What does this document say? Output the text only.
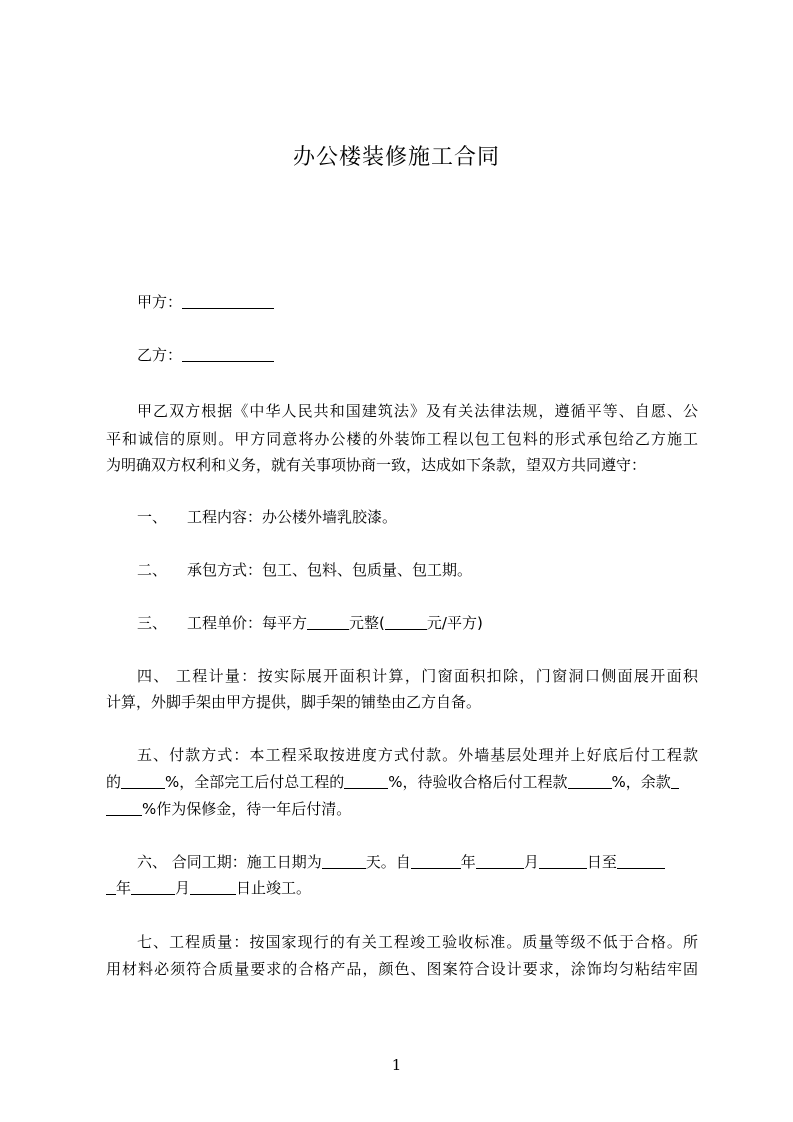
办公楼装修施工合同
甲方：
乙方：
甲乙双方根据《中华人民共和国建筑法》及有关法律法规，遵循平等、自愿、公
平和诚信的原则。甲方同意将办公楼的外装饰工程以包工包料的形式承包给乙方施工
为明确双方权利和义务，就有关事项协商一致，达成如下条款，望双方共同遵守：
一、 工程内容：办公楼外墙乳胶漆。
二、 承包方式：包工、包料、包质量、包工期。
三、 工程单价：每平方	元整(	元/平方)
四、 工程计量：按实际展开面积计算，门窗面积扣除，门窗洞口侧面展开面积
计算，外脚手架由甲方提供，脚手架的铺垫由乙方自备。
五、付款方式：本工程采取按进度方式付款。外墙基层处理并上好底后付工程款
的	%，全部完工后付总工程的	%，待验收合格后付工程款	%，余款
%作为保修金，待一年后付清。
六、 合同工期：施工日期为	天。自	年	月	日至
年	月	日止竣工。
七、工程质量：按国家现行的有关工程竣工验收标准。质量等级不低于合格。所
用材料必须符合质量要求的合格产品，颜色、图案符合设计要求，涂饰均匀粘结牢固
1
